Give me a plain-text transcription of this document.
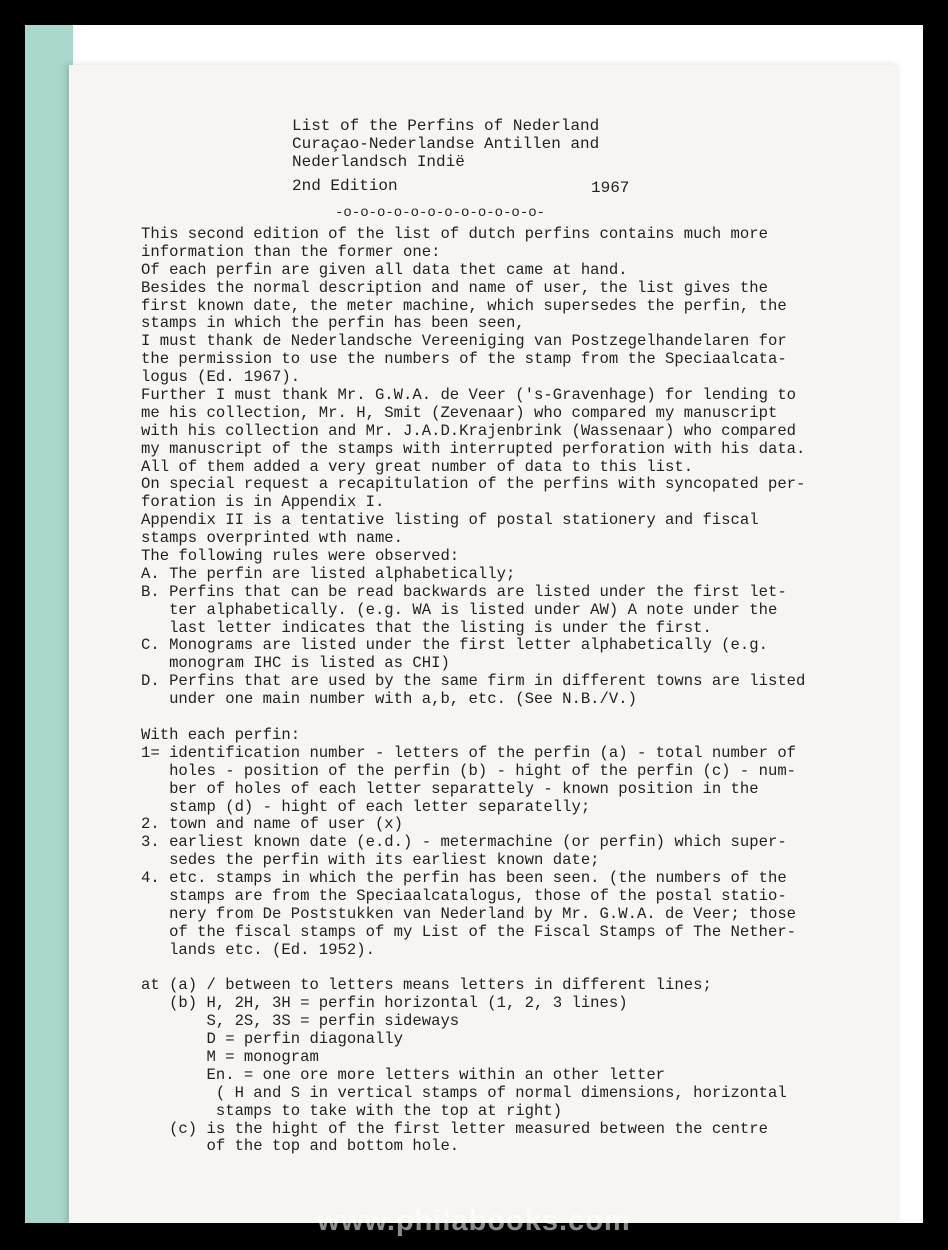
List of the Perfins of Nederland
Curaçao-Nederlandse Antillen and
Nederlandsch Indië
2nd Edition	1967
-o-o-o-o-o-o-o-o-o-o-o-o-
This second edition of the list of dutch perfins contains much more
information than the former one:
Of each perfin are given all data thet came at hand.
Besides the normal description and name of user, the list gives the
first known date, the meter machine, which supersedes the perfin, the
stamps in which the perfin has been seen,
I must thank de Nederlandsche Vereeniging van Postzegelhandelaren for
the permission to use the numbers of the stamp from the Speciaalcata-
logus (Ed. 1967).
Further I must thank Mr. G.W.A. de Veer ('s-Gravenhage) for lending to
me his collection, Mr. H, Smit (Zevenaar) who compared my manuscript
with his collection and Mr. J.A.D.Krajenbrink (Wassenaar) who compared
my manuscript of the stamps with interrupted perforation with his data.
All of them added a very great number of data to this list.
On special request a recapitulation of the perfins with syncopated per-
foration is in Appendix I.
Appendix II is a tentative listing of postal stationery and fiscal
stamps overprinted wth name.
The following rules were observed:
A. The perfin are listed alphabetically;
B. Perfins that can be read backwards are listed under the first let-
ter alphabetically. (e.g. WA is listed under AW) A note under the
last letter indicates that the listing is under the first.
C. Monograms are listed under the first letter alphabetically (e.g.
monogram IHC is listed as CHI)
D. Perfins that are used by the same firm in different towns are listed
under one main number with a,b, etc. (See N.B./V.)

With each perfin:
1= identification number - letters of the perfin (a) - total number of
holes - position of the perfin (b) - hight of the perfin (c) - num-
ber of holes of each letter separattely - known position in the
stamp (d) - hight of each letter separatelly;
2. town and name of user (x)
3. earliest known date (e.d.) - metermachine (or perfin) which super-
sedes the perfin with its earliest known date;
4. etc. stamps in which the perfin has been seen. (the numbers of the
stamps are from the Speciaalcatalogus, those of the postal statio-
nery from De Poststukken van Nederland by Mr. G.W.A. de Veer; those
of the fiscal stamps of my List of the Fiscal Stamps of The Nether-
lands etc. (Ed. 1952).

at (a) / between to letters means letters in different lines;
(b) H, 2H, 3H = perfin horizontal (1, 2, 3 lines)
S, 2S, 3S = perfin sideways
D = perfin diagonally
M = monogram
En. = one ore more letters within an other letter
( H and S in vertical stamps of normal dimensions, horizontal
stamps to take with the top at right)
(c) is the hight of the first letter measured between the centre
of the top and bottom hole.
www.philabooks.com
